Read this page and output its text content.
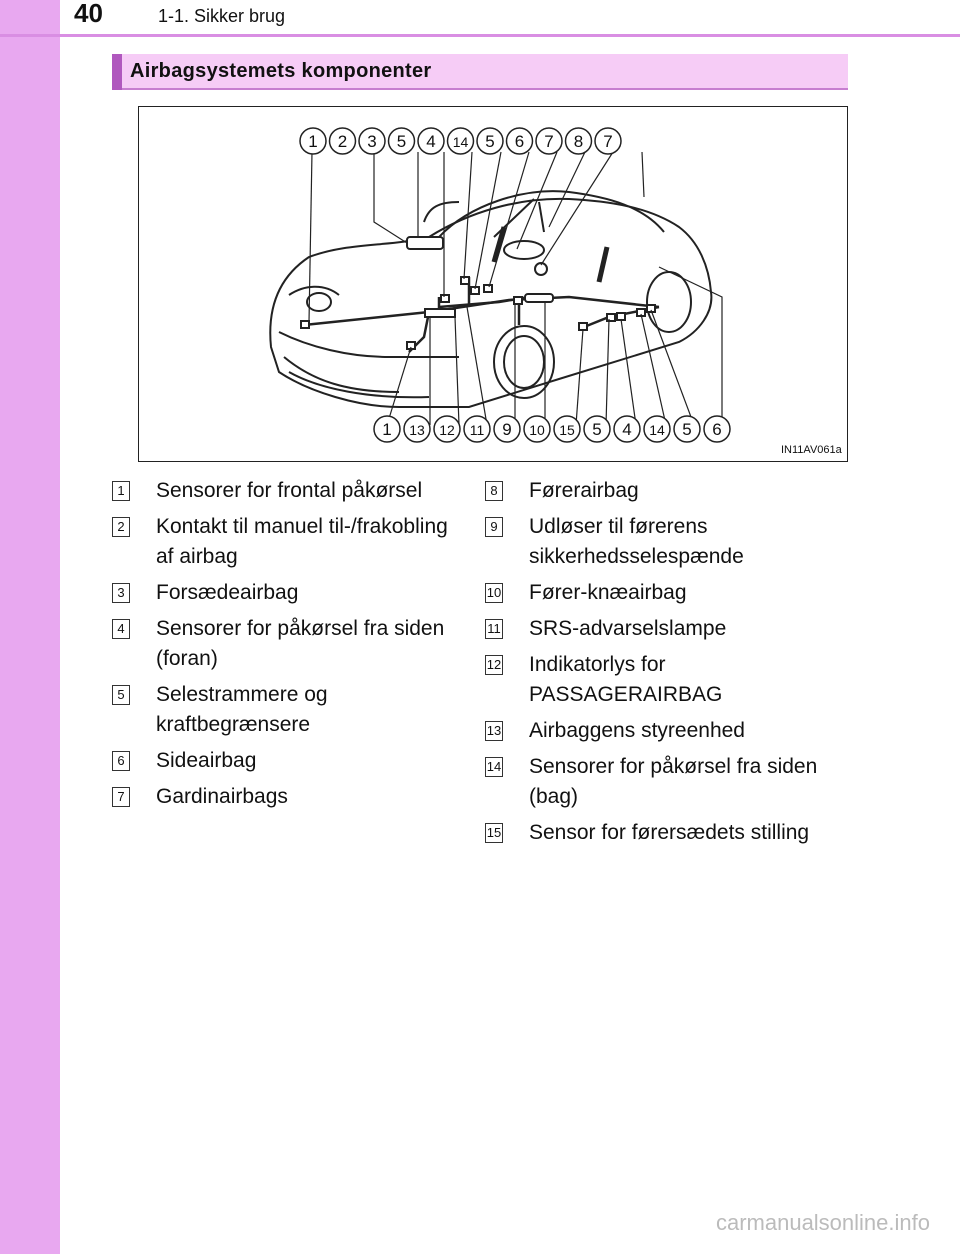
40	1-1. Sikker brug
Airbagsystemets komponenter
1 2 3 5 4 14 5 6 7 8 7
1 13 12 11 9 10 15 5 4 14 5 6
IN11AV061a
1 Sensorer for frontal påkørsel
2 Kontakt til manuel til-/frakobling af airbag
3 Forsædeairbag
4 Sensorer for påkørsel fra siden (foran)
5 Selestrammere og kraftbegrænsere
6 Sideairbag
7 Gardinairbags
8 Førerairbag
9 Udløser til førerens sikkerhedsselespænde
10 Fører-knæairbag
11 SRS-advarselslampe
12 Indikatorlys for PASSAGERAIRBAG
13 Airbaggens styreenhed
14 Sensorer for påkørsel fra siden (bag)
15 Sensor for førersædets stilling
carmanualsonline.info
